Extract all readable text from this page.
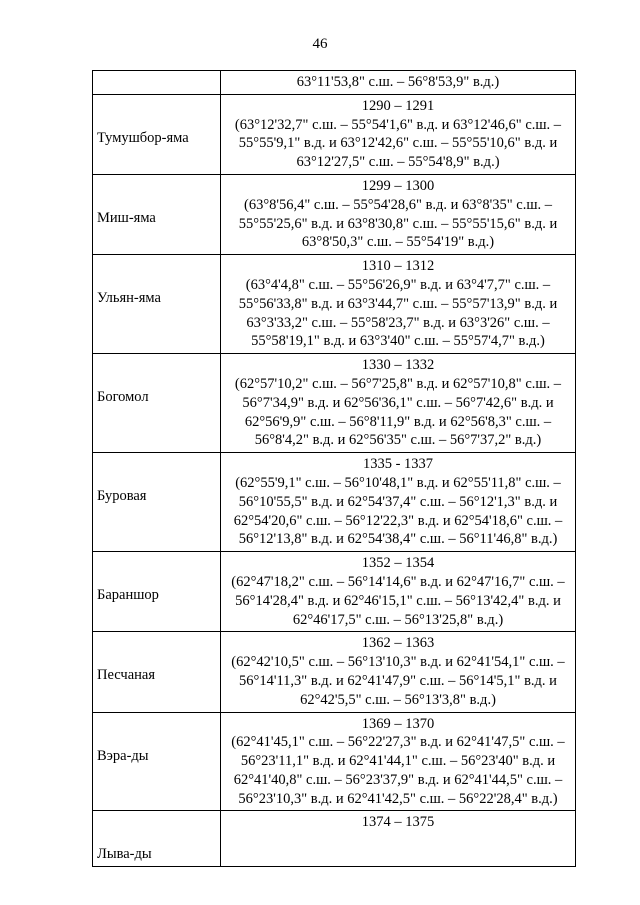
46

	63°11'53,8" с.ш. – 56°8'53,9" в.д.)

Тумушбор-яма	1290 – 1291
(63°12'32,7" с.ш. – 55°54'1,6" в.д. и 63°12'46,6" с.ш. –
55°55'9,1" в.д. и 63°12'42,6" с.ш. – 55°55'10,6" в.д. и
63°12'27,5" с.ш. – 55°54'8,9" в.д.)

Миш-яма	1299 – 1300
(63°8'56,4" с.ш. – 55°54'28,6" в.д. и 63°8'35" с.ш. –
55°55'25,6" в.д. и 63°8'30,8" с.ш. – 55°55'15,6" в.д. и
63°8'50,3" с.ш. – 55°54'19" в.д.)

Ульян-яма	1310 – 1312
(63°4'4,8" с.ш. – 55°56'26,9" в.д. и 63°4'7,7" с.ш. –
55°56'33,8" в.д. и 63°3'44,7" с.ш. – 55°57'13,9" в.д. и
63°3'33,2" с.ш. – 55°58'23,7" в.д. и 63°3'26" с.ш. –
55°58'19,1" в.д. и 63°3'40" с.ш. – 55°57'4,7" в.д.)

Богомол	1330 – 1332
(62°57'10,2" с.ш. – 56°7'25,8" в.д. и 62°57'10,8" с.ш. –
56°7'34,9" в.д. и 62°56'36,1" с.ш. – 56°7'42,6" в.д. и
62°56'9,9" с.ш. – 56°8'11,9" в.д. и 62°56'8,3" с.ш. –
56°8'4,2" в.д. и 62°56'35" с.ш. – 56°7'37,2" в.д.)

Буровая	1335 - 1337
(62°55'9,1" с.ш. – 56°10'48,1" в.д. и 62°55'11,8" с.ш. –
56°10'55,5" в.д. и 62°54'37,4" с.ш. – 56°12'1,3" в.д. и
62°54'20,6" с.ш. – 56°12'22,3" в.д. и 62°54'18,6" с.ш. –
56°12'13,8" в.д. и 62°54'38,4" с.ш. – 56°11'46,8" в.д.)

Бараншор	1352 – 1354
(62°47'18,2" с.ш. – 56°14'14,6" в.д. и 62°47'16,7" с.ш. –
56°14'28,4" в.д. и 62°46'15,1" с.ш. – 56°13'42,4" в.д. и
62°46'17,5" с.ш. – 56°13'25,8" в.д.)

Песчаная	1362 – 1363
(62°42'10,5" с.ш. – 56°13'10,3" в.д. и 62°41'54,1" с.ш. –
56°14'11,3" в.д. и 62°41'47,9" с.ш. – 56°14'5,1" в.д. и
62°42'5,5" с.ш. – 56°13'3,8" в.д.)

Вэра-ды	1369 – 1370
(62°41'45,1" с.ш. – 56°22'27,3" в.д. и 62°41'47,5" с.ш. –
56°23'11,1" в.д. и 62°41'44,1" с.ш. – 56°23'40" в.д. и
62°41'40,8" с.ш. – 56°23'37,9" в.д. и 62°41'44,5" с.ш. –
56°23'10,3" в.д. и 62°41'42,5" с.ш. – 56°22'28,4" в.д.)

Лыва-ды	1374 – 1375
